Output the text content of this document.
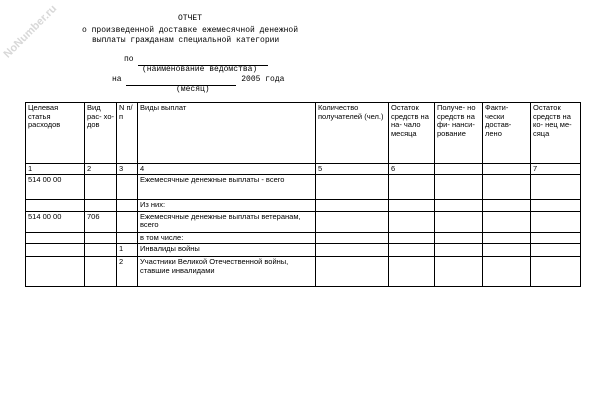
NoNumber.ru	ОТЧЕТ
о произведенной доставке ежемесячной денежной
выплаты гражданам специальной категории
по
(наименование ведомства)
на	2005 года
(месяц)
Целевая статья расходов	Вид рас- хо- дов	N п/п	Виды выплат	Количество получателей (чел.)	Остаток средств на на- чало месяца	Получе- но средств на фи- нанси- рование	Факти- чески достав- лено	Остаток средств на ко- нец ме- сяца
1	2	3	4	5	6			7
514 00 00			Ежемесячные денежные выплаты - всего					
			Из них:					
514 00 00	706		Ежемесячные денежные выплаты ветеранам, всего					
			в том числе:					
		1	Инвалиды войны					
		2	Участники Великой Отечественной войны, ставшие инвалидами					
